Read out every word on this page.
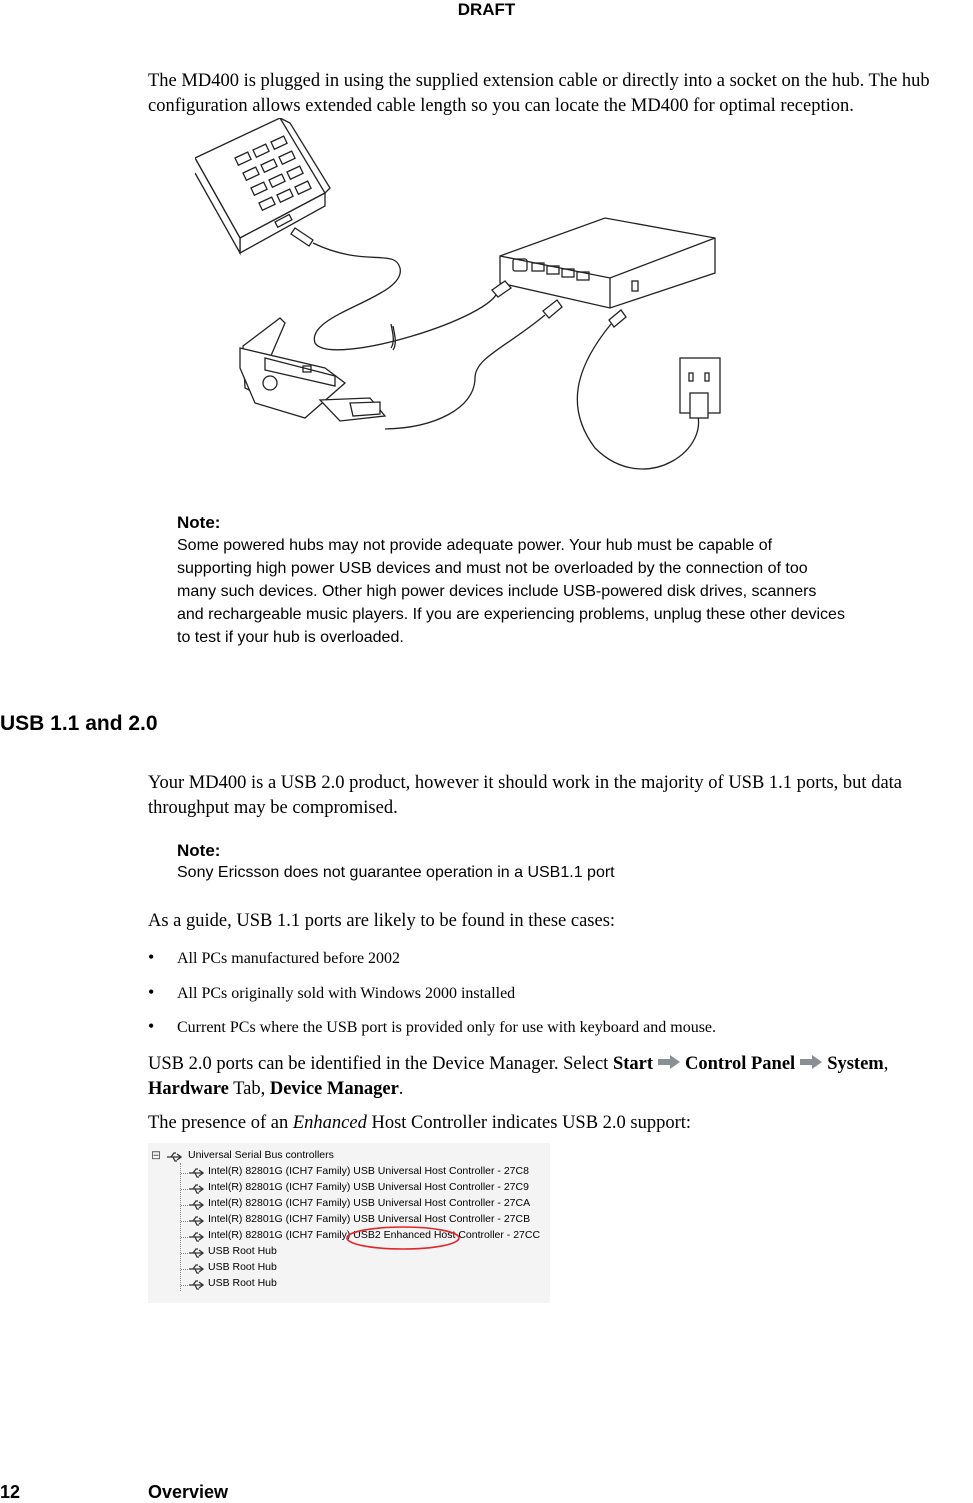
DRAFT
The MD400 is plugged in using the supplied extension cable or directly into a socket on the hub. The hub configuration allows extended cable length so you can locate the MD400 for optimal reception.
Note:
Some powered hubs may not provide adequate power. Your hub must be capable of
supporting high power USB devices and must not be overloaded by the connection of too
many such devices. Other high power devices include USB-powered disk drives, scanners
and rechargeable music players. If you are experiencing problems, unplug these other devices
to test if your hub is overloaded.
USB 1.1 and 2.0
Your MD400 is a USB 2.0 product, however it should work in the majority of USB 1.1 ports, but data throughput may be compromised.
Note:
Sony Ericsson does not guarantee operation in a USB1.1 port
As a guide, USB 1.1 ports are likely to be found in these cases:
• All PCs manufactured before 2002
• All PCs originally sold with Windows 2000 installed
• Current PCs where the USB port is provided only for use with keyboard and mouse.
USB 2.0 ports can be identified in the Device Manager. Select Start Control Panel System,
Hardware Tab, Device Manager.
The presence of an Enhanced Host Controller indicates USB 2.0 support:
⊟	Universal Serial Bus controllers
Intel(R) 82801G (ICH7 Family) USB Universal Host Controller - 27C8
Intel(R) 82801G (ICH7 Family) USB Universal Host Controller - 27C9
Intel(R) 82801G (ICH7 Family) USB Universal Host Controller - 27CA
Intel(R) 82801G (ICH7 Family) USB Universal Host Controller - 27CB
Intel(R) 82801G (ICH7 Family) USB2 Enhanced Host Controller - 27CC
USB Root Hub
USB Root Hub
USB Root Hub
12	Overview
